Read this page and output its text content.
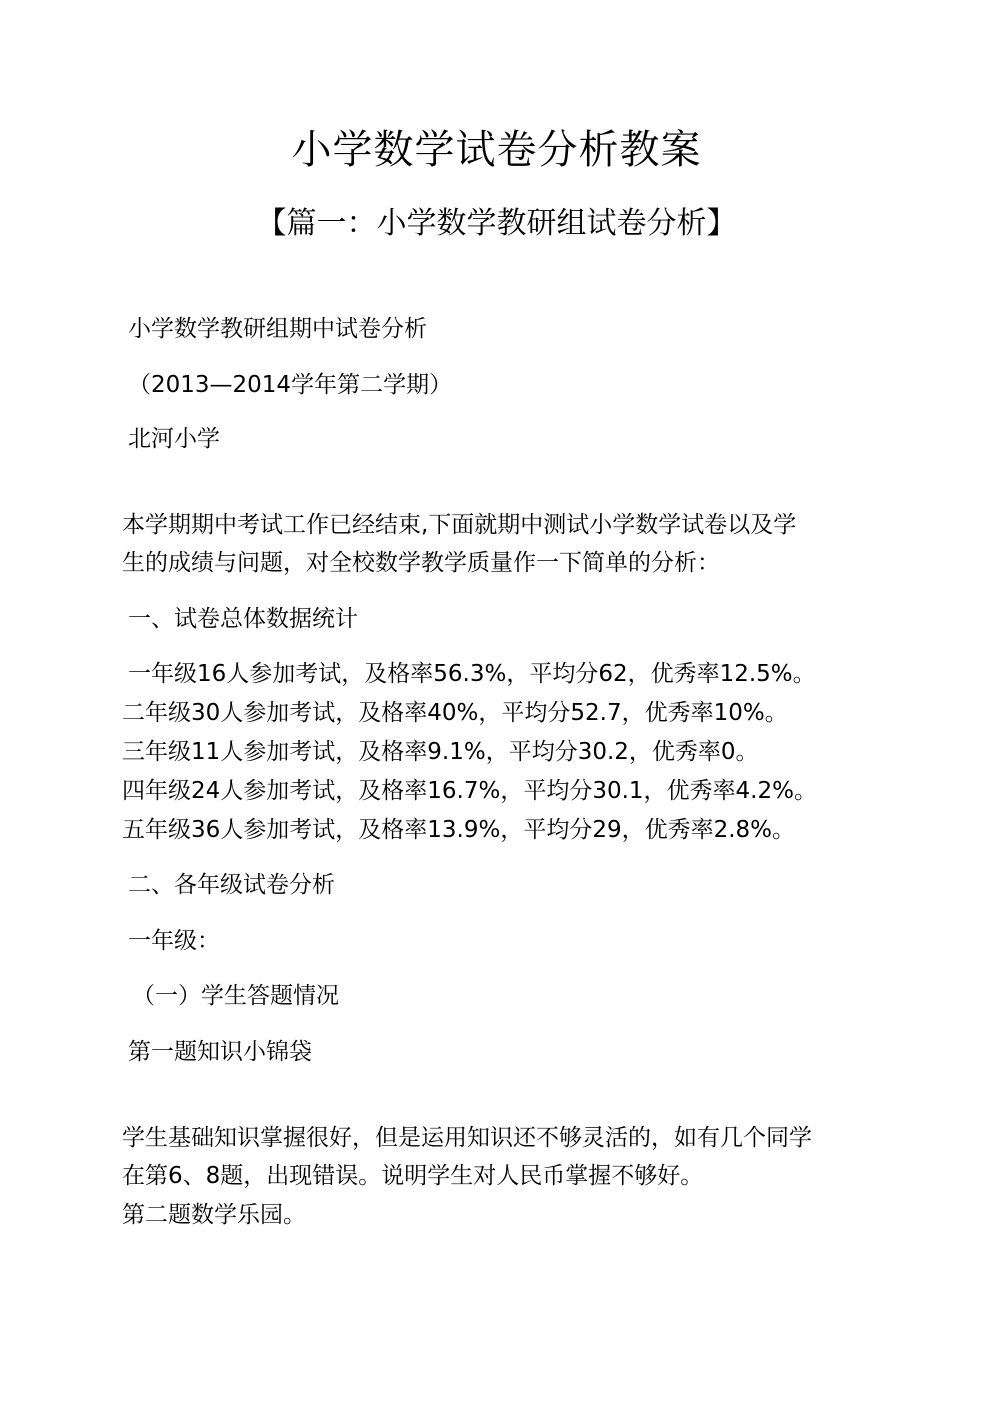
小学数学试卷分析教案
【篇一：小学数学教研组试卷分析】
小学数学教研组期中试卷分析
（2013—2014学年第二学期）
北河小学
本学期期中考试工作已经结束,下面就期中测试小学数学试卷以及学
生的成绩与问题，对全校数学教学质量作一下简单的分析：
一、试卷总体数据统计
一年级16人参加考试，及格率56.3%，平均分62，优秀率12.5%。
二年级30人参加考试，及格率40%，平均分52.7，优秀率10%。
三年级11人参加考试，及格率9.1%，平均分30.2，优秀率0。
四年级24人参加考试，及格率16.7%，平均分30.1，优秀率4.2%。
五年级36人参加考试，及格率13.9%，平均分29，优秀率2.8%。
二、各年级试卷分析
一年级：
（一）学生答题情况
第一题知识小锦袋
学生基础知识掌握很好，但是运用知识还不够灵活的，如有几个同学
在第6、8题，出现错误。说明学生对人民币掌握不够好。
第二题数学乐园。
